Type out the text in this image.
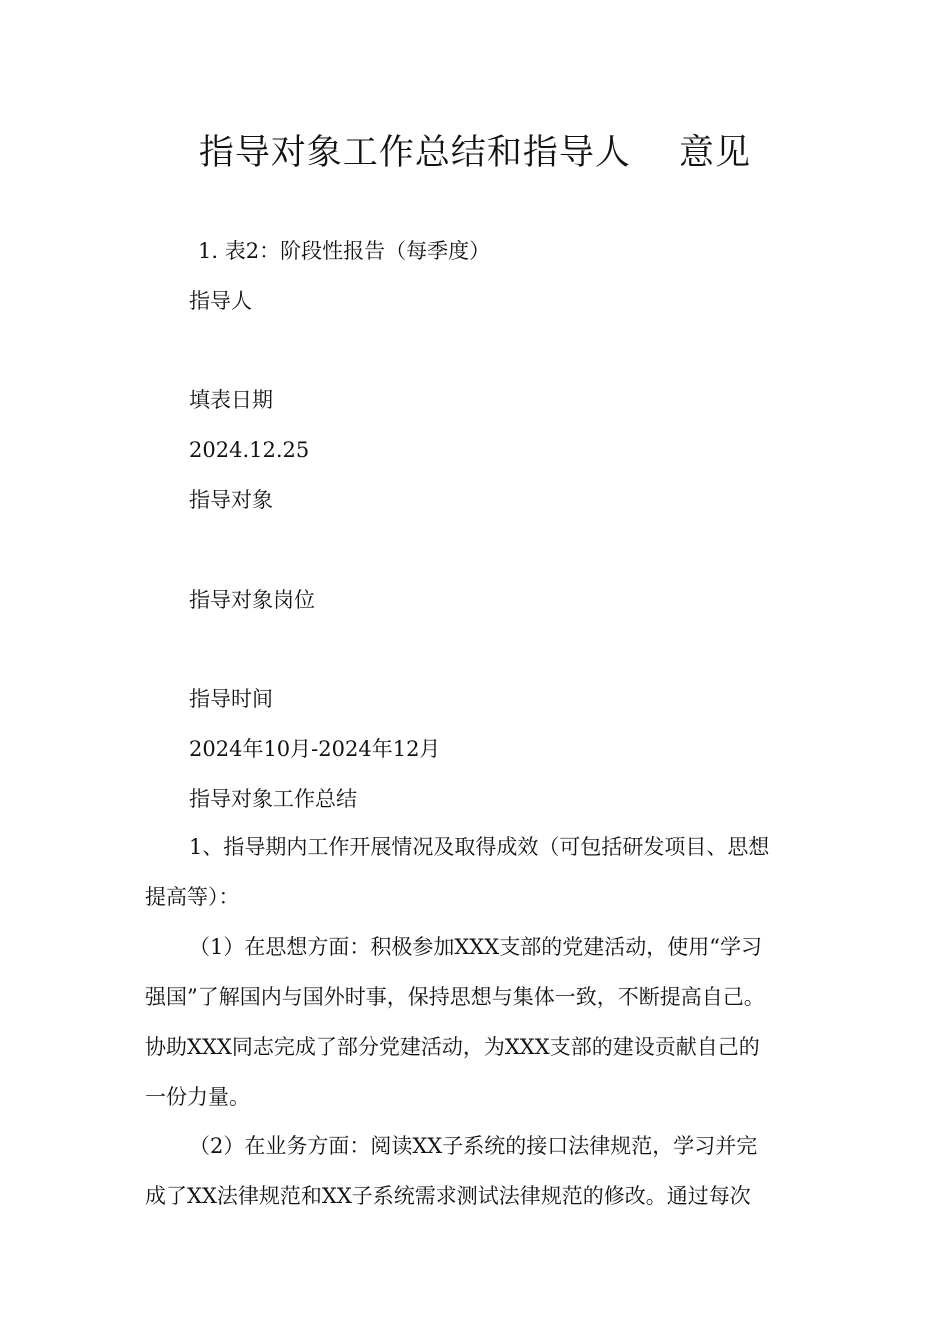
指导对象工作总结和指导人　 意见
1. 表2：阶段性报告（每季度）
指导人
填表日期
2024.12.25
指导对象
指导对象岗位
指导时间
2024年10月-2024年12月
指导对象工作总结
1、指导期内工作开展情况及取得成效（可包括研发项目、思想
提高等）：
（1）在思想方面：积极参加XXX支部的党建活动，使用“学习
强国”了解国内与国外时事，保持思想与集体一致，不断提高自己。
协助XXX同志完成了部分党建活动，为XXX支部的建设贡献自己的
一份力量。
（2）在业务方面：阅读XX子系统的接口法律规范，学习并完
成了XX法律规范和XX子系统需求测试法律规范的修改。通过每次
